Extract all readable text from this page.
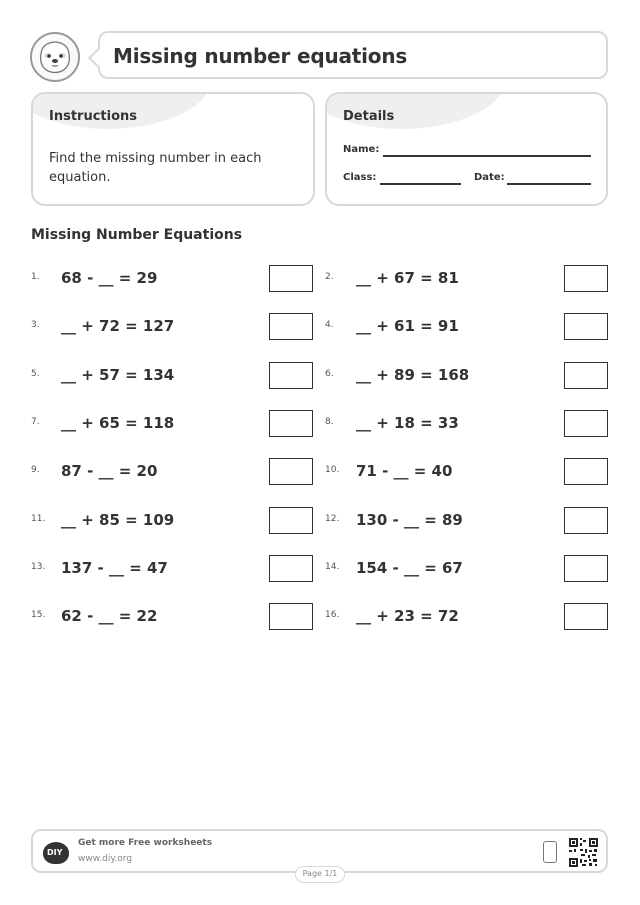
Missing number equations
Instructions
Find the missing number in each equation.
Details
Name:
Class:	Date:
Missing Number Equations
1. 68 - __ = 29	2. __ + 67 = 81
3. __ + 72 = 127	4. __ + 61 = 91
5. __ + 57 = 134	6. __ + 89 = 168
7. __ + 65 = 118	8. __ + 18 = 33
9. 87 - __ = 20	10. 71 - __ = 40
11. __ + 85 = 109	12. 130 - __ = 89
13. 137 - __ = 47	14. 154 - __ = 67
15. 62 - __ = 22	16. __ + 23 = 72
DIY
Get more Free worksheets
www.diy.org
Page 1/1
